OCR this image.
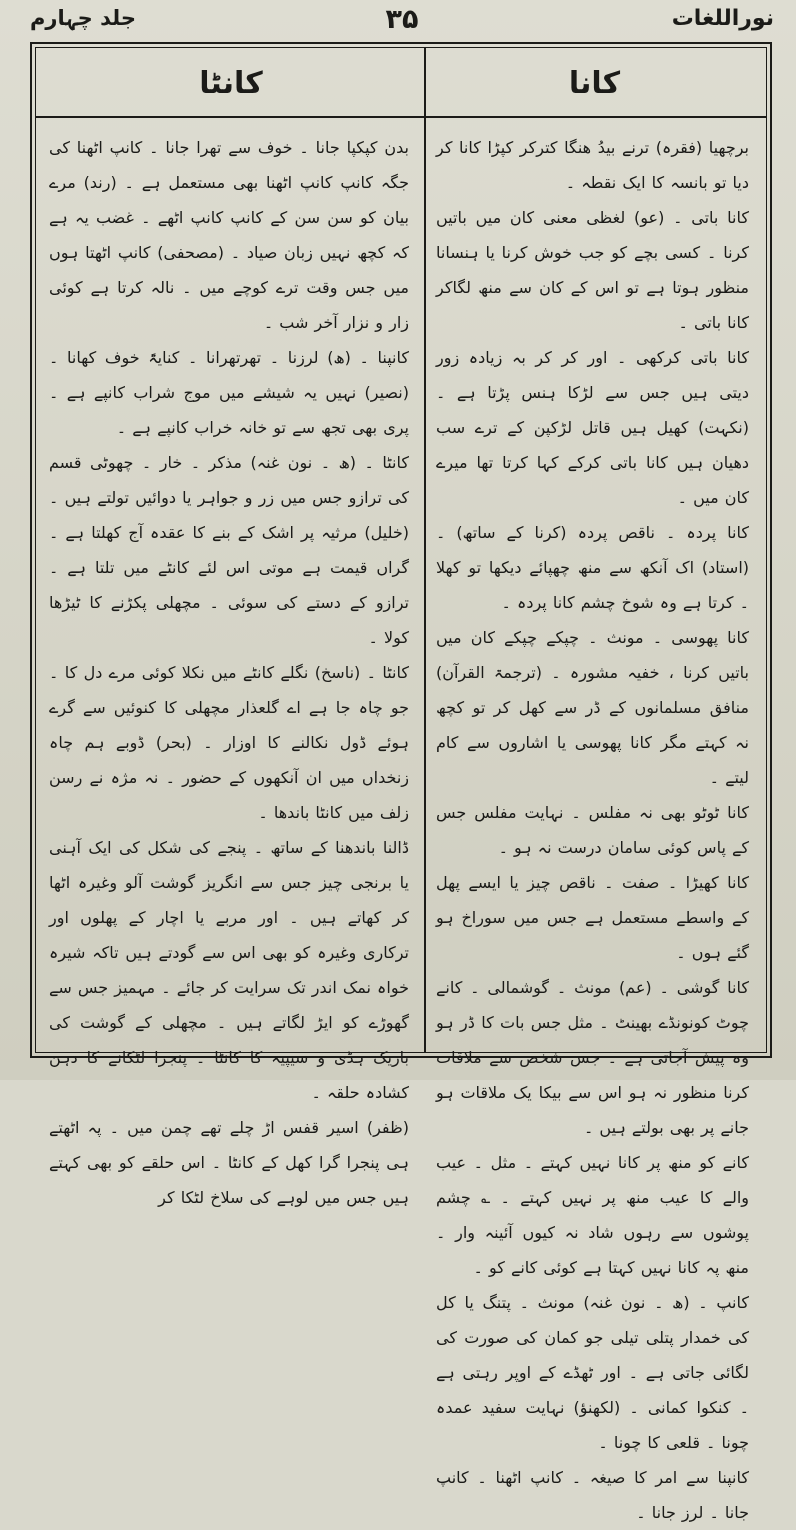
نوراللغات
۳۵
جلد چہارم
کانا

برچھیا (فقرہ) ترنے بیدُ ھنگا کترکر کپڑا کانا کر دیا تو بانسہ کا ایک نقطہ ۔

کانا باتی ۔ (عو) لغظی معنی کان میں باتیں کرنا ۔ کسی بچے کو جب خوش کرنا یا ہنسانا منظور ہوتا ہے تو اس کے کان سے منھ لگاکر کانا باتی ۔

کانا باتی کرکھی ۔ اور کر کر بہ زیادہ زور دیتی ہیں جس سے لڑکا ہنس پڑتا ہے ۔ (نکہت) کھیل ہیں قاتل لڑکپن کے ترے سب دھیان ہیں کانا باتی کرکے کہا کرتا تھا میرے کان میں ۔

کانا پردہ ۔ ناقص پردہ (کرنا کے ساتھ) ۔ (استاد) اک آنکھ سے منھ چھپائے دیکھا تو کھلا ۔ کرتا ہے وہ شوخ چشم کانا پردہ ۔

کانا پھوسی ۔ مونث ۔ چپکے چپکے کان میں باتیں کرنا ، خفیہ مشورہ ۔ (ترجمۃ القرآن) منافق مسلمانوں کے ڈر سے کھل کر تو کچھ نہ کہتے مگر کانا پھوسی یا اشاروں سے کام لیتے ۔

کانا ٹوٹو بھی نہ مفلس ۔ نہایت مفلس جس کے پاس کوئی سامان درست نہ ہو ۔

کانا کھیڑا ۔ صفت ۔ ناقص چیز یا ایسے پھل کے واسطے مستعمل ہے جس میں سوراخ ہو گئے ہوں ۔

کانا گوشی ۔ (عم) مونث ۔ گوشمالی ۔ کانے چوٹ کونونڈے بھینٹ ۔ مثل جس بات کا ڈر ہو وہ پیش آجاتی ہے ۔ جس شخص سے ملاقات کرنا منظور نہ ہو اس سے بیکا یک ملاقات ہو جانے پر بھی بولتے ہیں ۔

کانے کو منھ پر کانا نہیں کہتے ۔ مثل ۔ عیب والے کا عیب منھ پر نہیں کہتے ۔ ؎ چشم پوشوں سے رہوں شاد نہ کیوں آئینہ وار ۔ منھ پہ کانا نہیں کہتا ہے کوئی کانے کو ۔

کانپ ۔ (ھ ۔ نون غنہ) مونث ۔ پتنگ یا کل کی خمدار پتلی تیلی جو کمان کی صورت کی لگائی جاتی ہے ۔ اور ٹھڈے کے اوپر رہتی ہے ۔ کنکوا کمانی ۔ (لکھنؤ) نہایت سفید عمدہ چونا ۔ قلعی کا چونا ۔

کانپنا سے امر کا صیغہ ۔ کانپ اٹھنا ۔ کانپ جانا ۔ لرز جانا ۔

کانٹا

بدن کپکپا جانا ۔ خوف سے تھرا جانا ۔ کانپ اٹھنا کی جگہ کانپ کانپ اٹھنا بھی مستعمل ہے ۔ (رند) مرے بیان کو سن سن کے کانپ کانپ اٹھے ۔ غضب یہ ہے کہ کچھ نہیں زبان صیاد ۔ (مصحفی) کانپ اٹھتا ہوں میں جس وقت ترے کوچے میں ۔ نالہ کرتا ہے کوئی زار و نزار آخر شب ۔

کانپنا ۔ (ھ) لرزنا ۔ تھرتھرانا ۔ کنایۃً خوف کھانا ۔ (نصیر) نہیں یہ شیشے میں موج شراب کانپے ہے ۔ پری بھی تجھ سے تو خانہ خراب کانپے ہے ۔

کانٹا ۔ (ھ ۔ نون غنہ) مذکر ۔ خار ۔ چھوٹی قسم کی ترازو جس میں زر و جواہر یا دوائیں تولتے ہیں ۔ (خلیل) مرثیہ پر اشک کے بنے کا عقدہ آج کھلتا ہے ۔ گراں قیمت ہے موتی اس لئے کانٹے میں تلتا ہے ۔ ترازو کے دستے کی سوئی ۔ مچھلی پکڑنے کا ٹیڑھا کولا ۔

کانٹا ۔ (ناسخ) نگلے کانٹے میں نکلا کوئی مرے دل کا ۔ جو چاہ جا ہے اے گلعذار مچھلی کا کنوئیں سے گرے ہوئے ڈول نکالنے کا اوزار ۔ (بحر) ڈوبے ہم چاہ زنخداں میں ان آنکھوں کے حضور ۔ نہ مژہ نے رسن زلف میں کانٹا باندھا ۔

ڈالنا باندھنا کے ساتھ ۔ پنجے کی شکل کی ایک آہنی یا برنجی چیز جس سے انگریز گوشت آلو وغیرہ اٹھا کر کھاتے ہیں ۔ اور مربے یا اچار کے پھلوں اور ترکاری وغیرہ کو بھی اس سے گودتے ہیں تاکہ شیرہ خواہ نمک اندر تک سرایت کر جائے ۔ مہمیز جس سے گھوڑے کو ایڑ لگاتے ہیں ۔ مچھلی کے گوشت کی باریک ہڈی و سیپیہ کا کانٹا ۔ پنجرا لٹکانے کا دہن کشادہ حلقہ ۔

(ظفر) اسیر قفس اڑ چلے تھے چمن میں ۔ پہ اٹھتے ہی پنجرا گرا کھل کے کانٹا ۔ اس حلقے کو بھی کہتے ہیں جس میں لوہے کی سلاخ لٹکا کر
